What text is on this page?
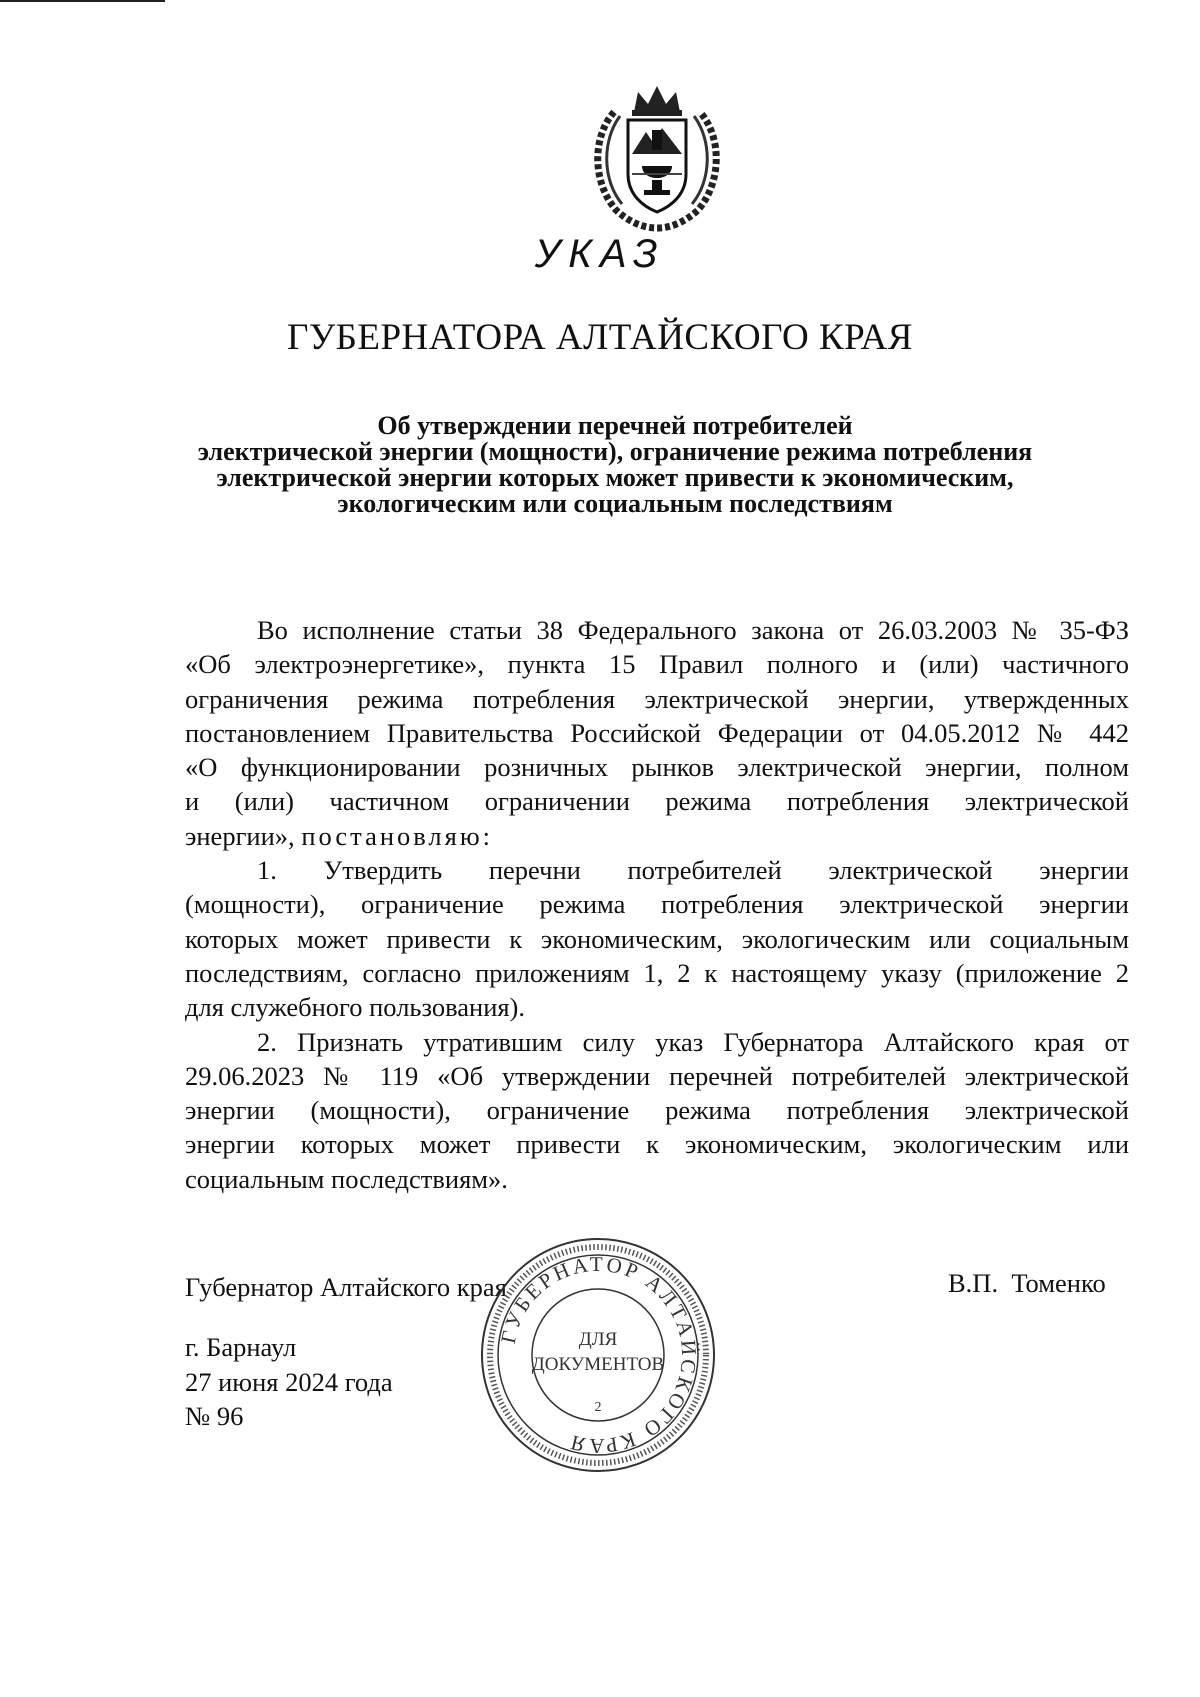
УКАЗ
ГУБЕРНАТОРА АЛТАЙСКОГО КРАЯ
Об утверждении перечней потребителей
электрической энергии (мощности), ограничение режима потребления
электрической энергии которых может привести к экономическим,
экологическим или социальным последствиям
Во исполнение статьи 38 Федерального закона от 26.03.2003 № 35-ФЗ
«Об электроэнергетике», пункта 15 Правил полного и (или) частичного
ограничения режима потребления электрической энергии, утвержденных
постановлением Правительства Российской Федерации от 04.05.2012 № 442
«О функционировании розничных рынков электрической энергии, полном
и (или) частичном ограничении режима потребления электрической
энергии», постановляю:
1. Утвердить перечни потребителей электрической энергии
(мощности), ограничение режима потребления электрической энергии
которых может привести к экономическим, экологическим или социальным
последствиям, согласно приложениям 1, 2 к настоящему указу (приложение 2
для служебного пользования).
2. Признать утратившим силу указ Губернатора Алтайского края от
29.06.2023 № 119 «Об утверждении перечней потребителей электрической
энергии (мощности), ограничение режима потребления электрической
энергии которых может привести к экономическим, экологическим или
социальным последствиям».
Губернатор Алтайского края	В.П.  Томенко
г. Барнаул
27 июня 2024 года
№ 96
ГУБЕРНАТОР АЛТАЙСКОГО КРАЯ
ДЛЯ
ДОКУМЕНТОВ
2
